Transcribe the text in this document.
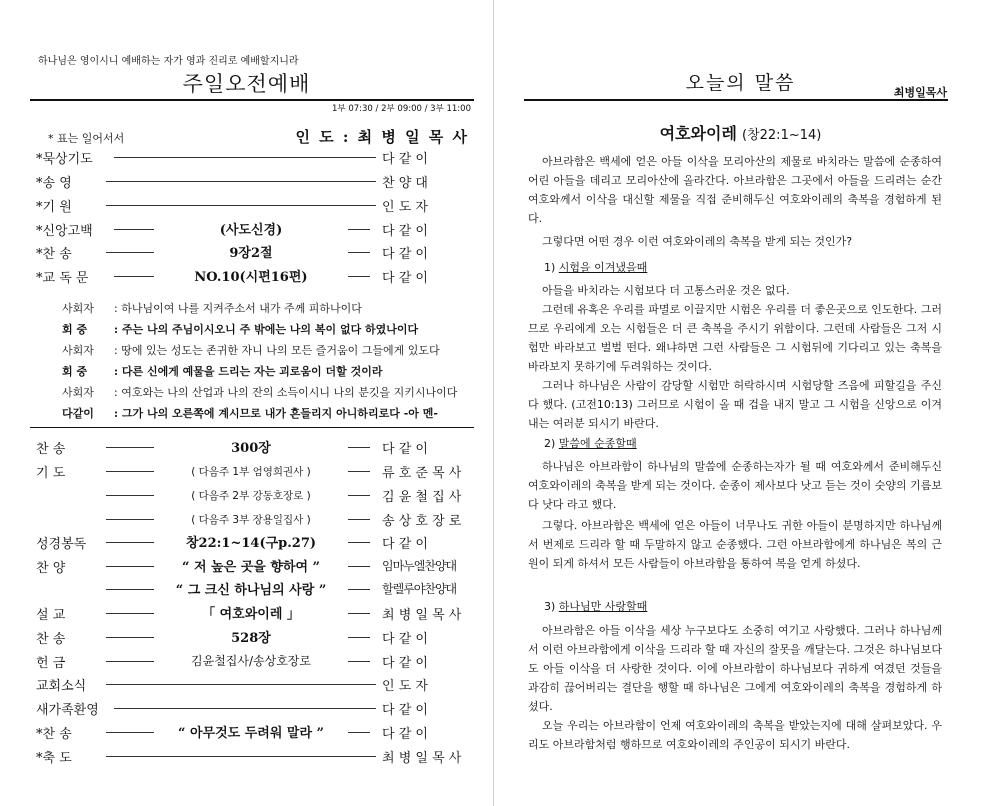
하나님은 영이시니 예배하는 자가 영과 진리로 예배할지니라
주일오전예배
1부 07:30 / 2부 09:00 / 3부 11:00
* 표는 일어서서	인 도 : 최 병 일 목 사
*묵상기도	다 같 이
*송 영	찬 양 대
*기 원	인 도 자
*신앙고백	(사도신경)	다 같 이
*찬 송	9장2절	다 같 이
*교 독 문	NO.10(시편16편)	다 같 이
사회자 : 하나님이여 나를 지켜주소서 내가 주께 피하나이다
회 중 : 주는 나의 주님이시오니 주 밖에는 나의 복이 없다 하였나이다
사회자 : 땅에 있는 성도는 존귀한 자니 나의 모든 즐거움이 그들에게 있도다
회 중 : 다른 신에게 예물을 드리는 자는 괴로움이 더할 것이라
사회자 : 여호와는 나의 산업과 나의 잔의 소득이시니 나의 분깃을 지키시나이다
다같이 : 그가 나의 오른쪽에 계시므로 내가 흔들리지 아니하리로다 -아 멘-
찬 송	300장	다 같 이
기 도	( 다음주 1부 엄영희권사 )	류 호 준 목 사
( 다음주 2부 강동호장로 )	김 윤 철 집 사
( 다음주 3부 장용일집사 )	송 상 호 장 로
성경봉독	창22:1~14(구p.27)	다 같 이
찬 양	“ 저 높은 곳을 향하여 ”	임마누엘찬양대
“ 그 크신 하나님의 사랑 ”	할렐루야찬양대
설 교	「 여호와이레 」	최 병 일 목 사
찬 송	528장	다 같 이
헌 금	김윤철집사/송상호장로	다 같 이
교회소식	인 도 자
새가족환영	다 같 이
*찬 송	“ 아무것도 두려워 말라 ”	다 같 이
*축 도	최 병 일 목 사
오늘의 말씀	최병일목사
여호와이레 (창22:1~14)

아브라함은 백세에 얻은 아들 이삭을 모리아산의 제물로 바치라는 말씀에 순종하여 어린 아들을 데리고 모리아산에 올라간다. 아브라함은 그곳에서 아들을 드리려는 순간 여호와께서 이삭을 대신할 제물을 직접 준비해두신 여호와이레의 축복을 경험하게 된다.

그렇다면 어떤 경우 이런 여호와이레의 축복을 받게 되는 것인가?

1) 시험을 이겨냈을때

아들을 바치라는 시험보다 더 고통스러운 것은 없다.

그런데 유혹은 우리를 파멸로 이끌지만 시험은 우리를 더 좋은곳으로 인도한다. 그러므로 우리에게 오는 시험들은 더 큰 축복을 주시기 위함이다. 그런데 사람들은 그저 시험만 바라보고 벌벌 떤다. 왜냐하면 그런 사람들은 그 시험뒤에 기다리고 있는 축복을 바라보지 못하기에 두려워하는 것이다.

그러나 하나님은 사람이 감당할 시험만 허락하시며 시험당할 즈음에 피할길을 주신다 했다. (고전10:13) 그러므로 시험이 올 때 겁을 내지 말고 그 시험을 신앙으로 이겨내는 여러분 되시기 바란다.

2) 말씀에 순종할때

하나님은 아브라함이 하나님의 말씀에 순종하는자가 될 때 여호와께서 준비해두신 여호와이레의 축복을 받게 되는 것이다. 순종이 제사보다 낫고 듣는 것이 숫양의 기름보다 낫다 라고 했다.

그렇다. 아브라함은 백세에 얻은 아들이 너무나도 귀한 아들이 분명하지만 하나님께서 번제로 드리라 할 때 두말하지 않고 순종했다. 그런 아브라함에게 하나님은 복의 근원이 되게 하셔서 모든 사람들이 아브라함을 통하여 복을 얻게 하셨다.

3) 하나님만 사랑할때

아브라함은 아들 이삭을 세상 누구보다도 소중히 여기고 사랑했다. 그러나 하나님께서 이런 아브라함에게 이삭을 드리라 할 때 자신의 잘못을 깨달는다. 그것은 하나님보다도 아들 이삭을 더 사랑한 것이다. 이에 아브라함이 하나님보다 귀하게 여겼던 것들을 과감히 끊어버리는 결단을 행할 때 하나님은 그에게 여호와이레의 축복을 경험하게 하셨다.

오늘 우리는 아브라함이 언제 여호와이레의 축복을 받았는지에 대해 살펴보았다. 우리도 아브라함처럼 행하므로 여호와이레의 주인공이 되시기 바란다.
